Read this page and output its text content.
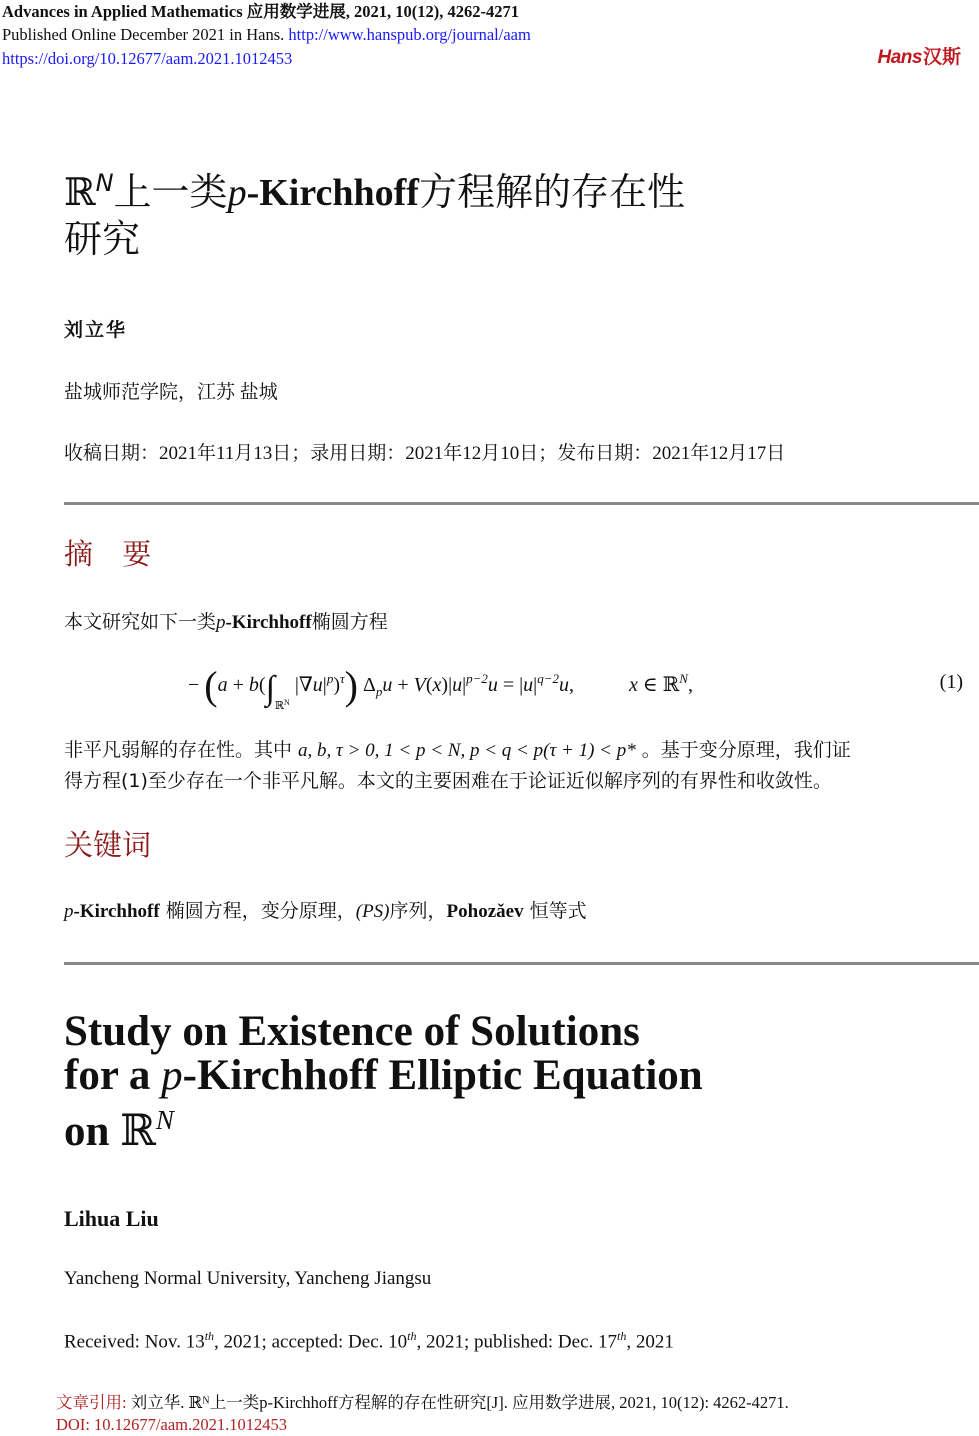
Advances in Applied Mathematics 应用数学进展, 2021, 10(12), 4262-4271
Published Online December 2021 in Hans. http://www.hanspub.org/journal/aam
https://doi.org/10.12677/aam.2021.1012453	Hans汉斯
ℝ$^N$上一类p-Kirchhoff方程解的存在性
研究
刘立华
盐城师范学院，江苏 盐城
收稿日期：2021年11月13日；录用日期：2021年12月10日；发布日期：2021年12月17日
摘 要
本文研究如下一类p-Kirchhoff椭圆方程
− ($a + b(\int_{ℝ^N}$ $|\nabla u|^p)^\tau$) $\Delta_pu + V(x)|u|^{p-2}u = |u|^{q-2}u$,           x ∈ ℝ$^N$,	(1)
非平凡弱解的存在性。其中 a, b, τ > 0, 1 < p < N, p < q < p(τ + 1) < p* 。基于变分原理，我们证
得方程(1)至少存在一个非平凡解。本文的主要困难在于论证近似解序列的有界性和收敛性。
关键词
p-Kirchhoff 椭圆方程，变分原理，(PS)序列，Pohozǎev 恒等式
Study on Existence of Solutions
for a p-Kirchhoff Elliptic Equation
on ℝ$^N$
Lihua Liu
Yancheng Normal University, Yancheng Jiangsu
Received: Nov. 13th, 2021; accepted: Dec. 10th, 2021; published: Dec. 17th, 2021
文章引用: 刘立华. ℝᴺ上一类p-Kirchhoff方程解的存在性研究[J]. 应用数学进展, 2021, 10(12): 4262-4271.
DOI: 10.12677/aam.2021.1012453
